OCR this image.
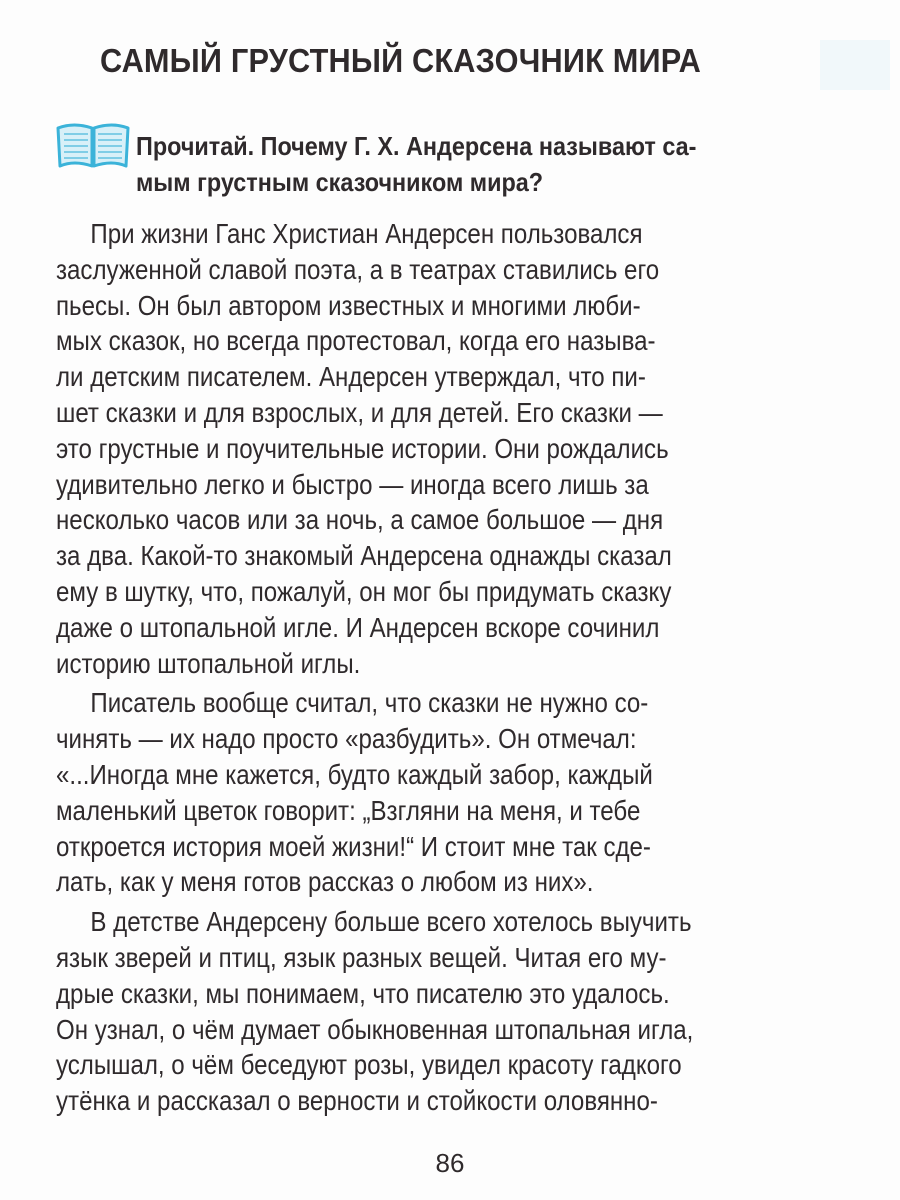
САМЫЙ ГРУСТНЫЙ СКАЗОЧНИК МИРА
Прочитай. Почему Г. Х. Андерсена называют са-
мым грустным сказочником мира?
При жизни Ганс Христиан Андерсен пользовался
заслуженной славой поэта, а в театрах ставились его
пьесы. Он был автором известных и многими люби-
мых сказок, но всегда протестовал, когда его называ-
ли детским писателем. Андерсен утверждал, что пи-
шет сказки и для взрослых, и для детей. Его сказки —
это грустные и поучительные истории. Они рождались
удивительно легко и быстро — иногда всего лишь за
несколько часов или за ночь, а самое большое — дня
за два. Какой-то знакомый Андерсена однажды сказал
ему в шутку, что, пожалуй, он мог бы придумать сказку
даже о штопальной игле. И Андерсен вскоре сочинил
историю штопальной иглы.
Писатель вообще считал, что сказки не нужно со-
чинять — их надо просто «разбудить». Он отмечал:
«...Иногда мне кажется, будто каждый забор, каждый
маленький цветок говорит: „Взгляни на меня, и тебе
откроется история моей жизни!“ И стоит мне так сде-
лать, как у меня готов рассказ о любом из них».
В детстве Андерсену больше всего хотелось выучить
язык зверей и птиц, язык разных вещей. Читая его му-
дрые сказки, мы понимаем, что писателю это удалось.
Он узнал, о чём думает обыкновенная штопальная игла,
услышал, о чём беседуют розы, увидел красоту гадкого
утёнка и рассказал о верности и стойкости оловянно-
86
